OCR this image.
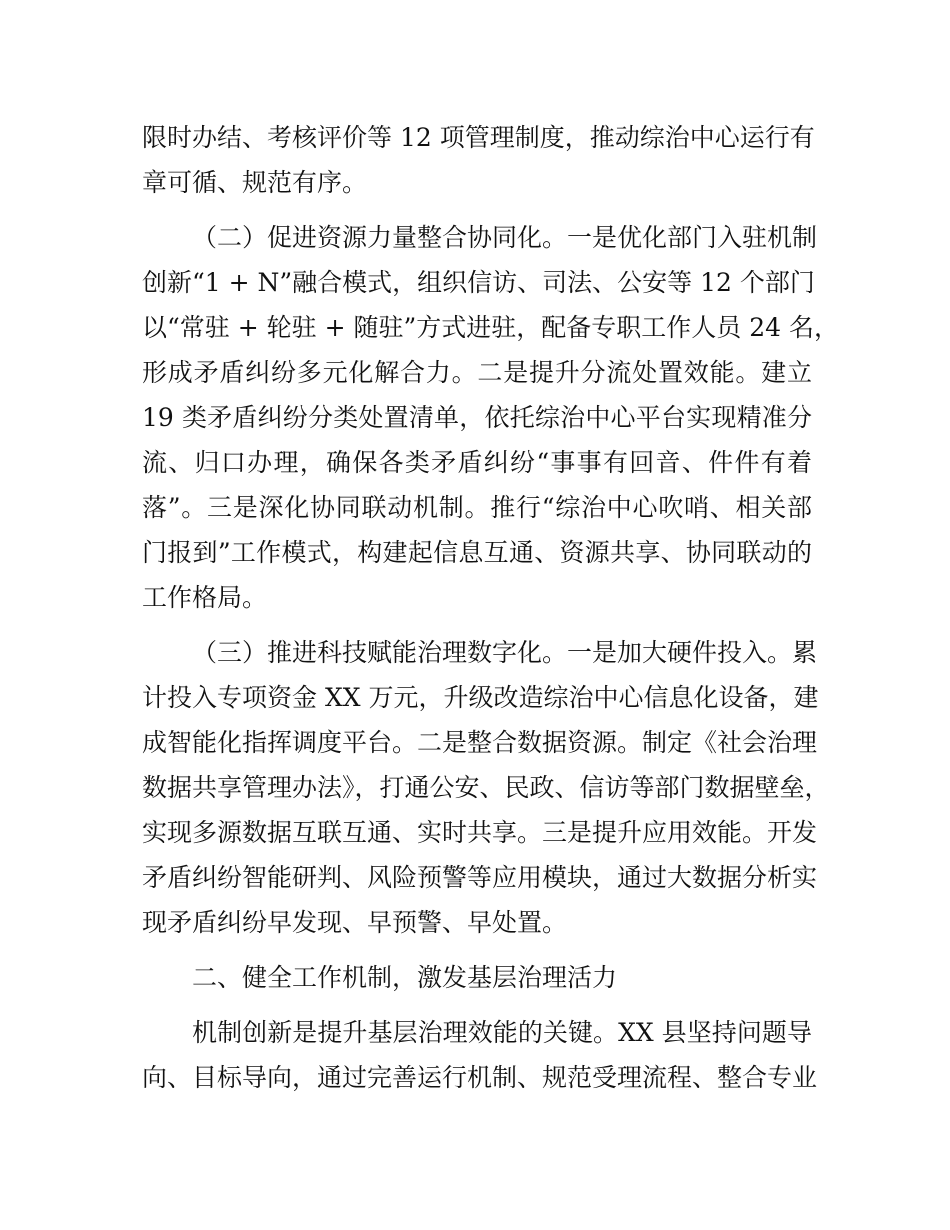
限时办结、考核评价等 12 项管理制度，推动综治中心运行有
章可循、规范有序。
（二）促进资源力量整合协同化。一是优化部门入驻机制
创新“1 + N”融合模式，组织信访、司法、公安等 12 个部门
以“常驻 + 轮驻 + 随驻”方式进驻，配备专职工作人员 24 名，
形成矛盾纠纷多元化解合力。二是提升分流处置效能。建立
19 类矛盾纠纷分类处置清单，依托综治中心平台实现精准分
流、归口办理，确保各类矛盾纠纷“事事有回音、件件有着
落”。三是深化协同联动机制。推行“综治中心吹哨、相关部
门报到”工作模式，构建起信息互通、资源共享、协同联动的
工作格局。
（三）推进科技赋能治理数字化。一是加大硬件投入。累
计投入专项资金 XX 万元，升级改造综治中心信息化设备，建
成智能化指挥调度平台。二是整合数据资源。制定《社会治理
数据共享管理办法》，打通公安、民政、信访等部门数据壁垒，
实现多源数据互联互通、实时共享。三是提升应用效能。开发
矛盾纠纷智能研判、风险预警等应用模块，通过大数据分析实
现矛盾纠纷早发现、早预警、早处置。
二、健全工作机制，激发基层治理活力
机制创新是提升基层治理效能的关键。XX 县坚持问题导
向、目标导向，通过完善运行机制、规范受理流程、整合专业
